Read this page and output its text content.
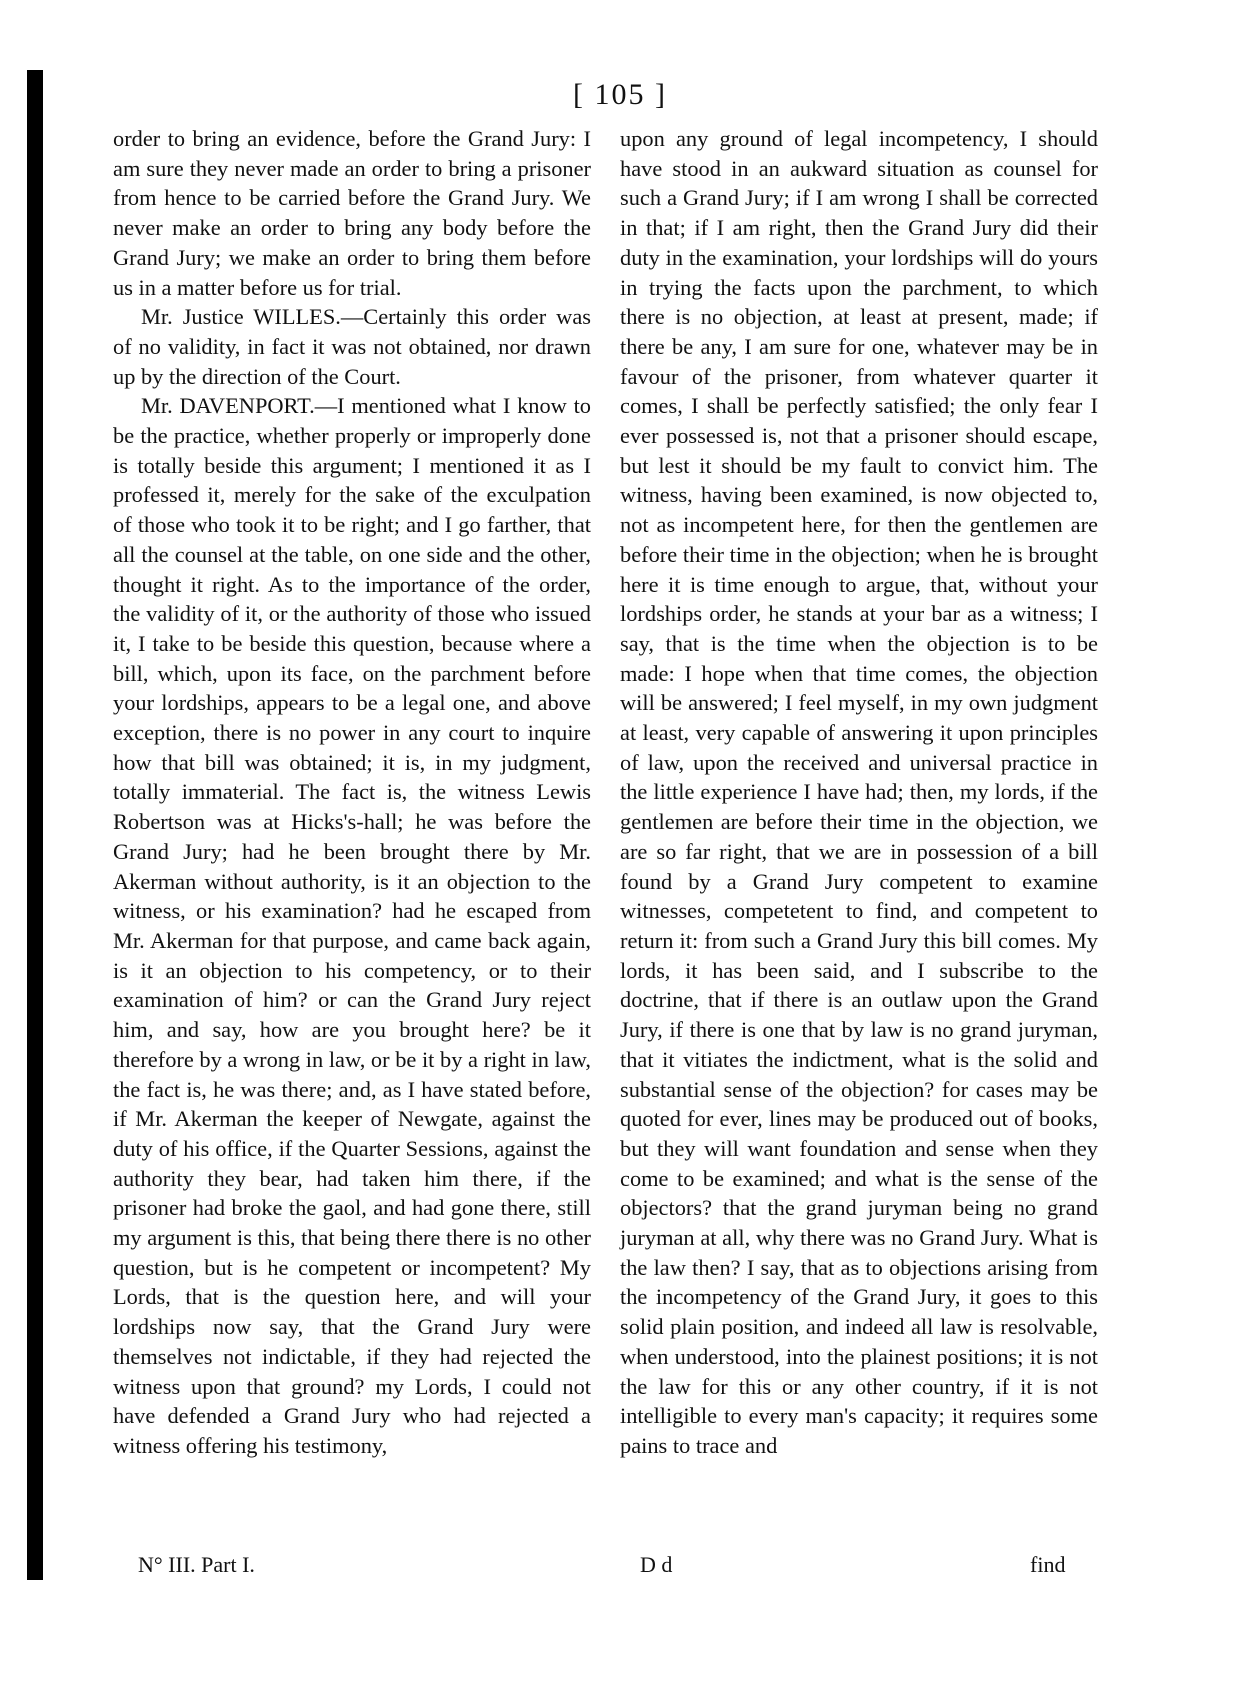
[ 105 ]

order to bring an evidence, before the Grand Jury: I am sure they never made an order to bring a prisoner from hence to be carried before the Grand Jury. We never make an order to bring any body before the Grand Jury; we make an order to bring them before us in a matter before us for trial.

Mr. Justice WILLES.—Certainly this order was of no validity, in fact it was not obtained, nor drawn up by the direction of the Court.

Mr. DAVENPORT.—I mentioned what I know to be the practice, whether properly or improperly done is totally beside this argument; I mentioned it as I professed it, merely for the sake of the exculpation of those who took it to be right; and I go farther, that all the counsel at the table, on one side and the other, thought it right. As to the importance of the order, the validity of it, or the authority of those who issued it, I take to be beside this question, because where a bill, which, upon its face, on the parchment before your lordships, appears to be a legal one, and above exception, there is no power in any court to inquire how that bill was obtained; it is, in my judgment, totally immaterial. The fact is, the witness Lewis Robertson was at Hicks's-hall; he was before the Grand Jury; had he been brought there by Mr. Akerman without authority, is it an objection to the witness, or his examination? had he escaped from Mr. Akerman for that purpose, and came back again, is it an objection to his competency, or to their examination of him? or can the Grand Jury reject him, and say, how are you brought here? be it therefore by a wrong in law, or be it by a right in law, the fact is, he was there; and, as I have stated before, if Mr. Akerman the keeper of Newgate, against the duty of his office, if the Quarter Sessions, against the authority they bear, had taken him there, if the prisoner had broke the gaol, and had gone there, still my argument is this, that being there there is no other question, but is he competent or incompetent? My Lords, that is the question here, and will your lordships now say, that the Grand Jury were themselves not indictable, if they had rejected the witness upon that ground? my Lords, I could not have defended a Grand Jury who had rejected a witness offering his testimony,

upon any ground of legal incompetency, I should have stood in an aukward situation as counsel for such a Grand Jury; if I am wrong I shall be corrected in that; if I am right, then the Grand Jury did their duty in the examination, your lordships will do yours in trying the facts upon the parchment, to which there is no objection, at least at present, made; if there be any, I am sure for one, whatever may be in favour of the prisoner, from whatever quarter it comes, I shall be perfectly satisfied; the only fear I ever possessed is, not that a prisoner should escape, but lest it should be my fault to convict him. The witness, having been examined, is now objected to, not as incompetent here, for then the gentlemen are before their time in the objection; when he is brought here it is time enough to argue, that, without your lordships order, he stands at your bar as a witness; I say, that is the time when the objection is to be made: I hope when that time comes, the objection will be answered; I feel myself, in my own judgment at least, very capable of answering it upon principles of law, upon the received and universal practice in the little experience I have had; then, my lords, if the gentlemen are before their time in the objection, we are so far right, that we are in possession of a bill found by a Grand Jury competent to examine witnesses, competetent to find, and competent to return it: from such a Grand Jury this bill comes. My lords, it has been said, and I subscribe to the doctrine, that if there is an outlaw upon the Grand Jury, if there is one that by law is no grand juryman, that it vitiates the indictment, what is the solid and substantial sense of the objection? for cases may be quoted for ever, lines may be produced out of books, but they will want foundation and sense when they come to be examined; and what is the sense of the objectors? that the grand juryman being no grand juryman at all, why there was no Grand Jury. What is the law then? I say, that as to objections arising from the incompetency of the Grand Jury, it goes to this solid plain position, and indeed all law is resolvable, when understood, into the plainest positions; it is not the law for this or any other country, if it is not intelligible to every man's capacity; it requires some pains to trace and

N° III. Part I.	D d	find
